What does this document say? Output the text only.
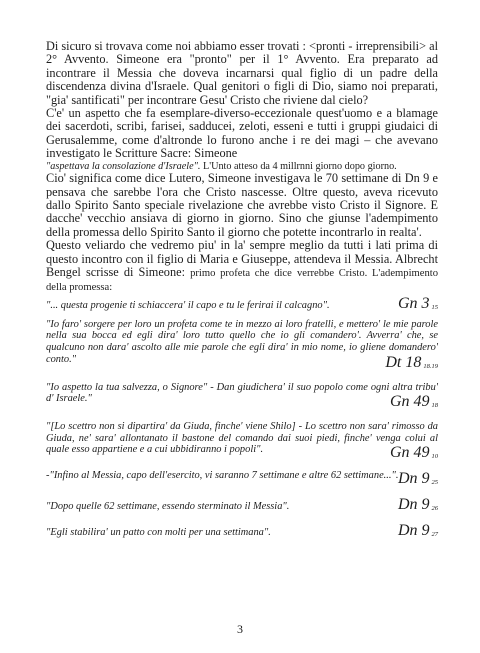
Di sicuro si trovava come noi abbiamo esser trovati : <pronti - irreprensibili> al 2° Avvento. Simeone era "pronto" per il 1° Avvento. Era preparato ad incontrare il Messia che doveva incarnarsi qual figlio di un padre della discendenza divina d'Israele. Qual genitori o figli di Dio, siamo noi preparati, "gia' santificati" per incontrare Gesu' Cristo che riviene dal cielo?

C'e' un aspetto che fa esemplare-diverso-eccezionale quest'uomo e a blamage dei sacerdoti, scribi, farisei, sadducei, zeloti, esseni e tutti i gruppi giudaici di Gerusalemme, come d'altronde lo furono anche i re dei magi – che avevano investigato le Scritture Sacre: Simeone

"aspettava la consolazione d'Israele". L'Unto atteso da 4 millrnni giorno dopo giorno.

Cio' significa come dice Lutero, Simeone investigava le 70 settimane di Dn 9 e pensava che sarebbe l'ora che Cristo nascesse. Oltre questo, aveva ricevuto dallo Spirito Santo speciale rivelazione che avrebbe visto Cristo il Signore. E dacche' vecchio ansiava di giorno in giorno. Sino che giunse l'adempimento della promessa dello Spirito Santo il giorno che potette incontrarlo in realta'.

Questo veliardo che vedremo piu' in la' sempre meglio da tutti i lati prima di questo incontro con il figlio di Maria e Giuseppe, attendeva il Messia. Albrecht Bengel scrisse di Simeone: primo profeta che dice verrebbe Cristo. L'adempimento della promessa:

"... questa progenie ti schiaccera' il capo e tu le ferirai il calcagno".	Gn 3 $_{15}$

"Io faro' sorgere per loro un profeta come te in mezzo ai loro fratelli, e mettero' le mie parole nella sua bocca ed egli dira' loro tutto quello che io gli comandero'. Avverra' che, se qualcuno non dara' ascolto alle mie parole che egli dira' in mio nome, io gliene domandero' conto."	Dt 18 $_{18.19}$

"Io aspetto la tua salvezza, o Signore" - Dan giudichera' il suo popolo come ogni altra tribu' d' Israele."	Gn 49 $_{18}$

"[Lo scettro non si dipartira' da Giuda, finche' viene Shilo] - Lo scettro non sara' rimosso da Giuda, ne' sara' allontanato il bastone del comando dai suoi piedi, finche' venga colui al quale esso appartiene e a cui ubbidiranno i popoli".	Gn 49 $_{10}$

-"Infino al Messia, capo dell'esercito, vi saranno 7 settimane e altre 62 settimane...". Dn 9 $_{25}$

"Dopo quelle 62 settimane, essendo sterminato il Messia".	Dn 9 $_{26}$

"Egli stabilira' un patto con molti per una settimana".	Dn 9 $_{27}$
3
